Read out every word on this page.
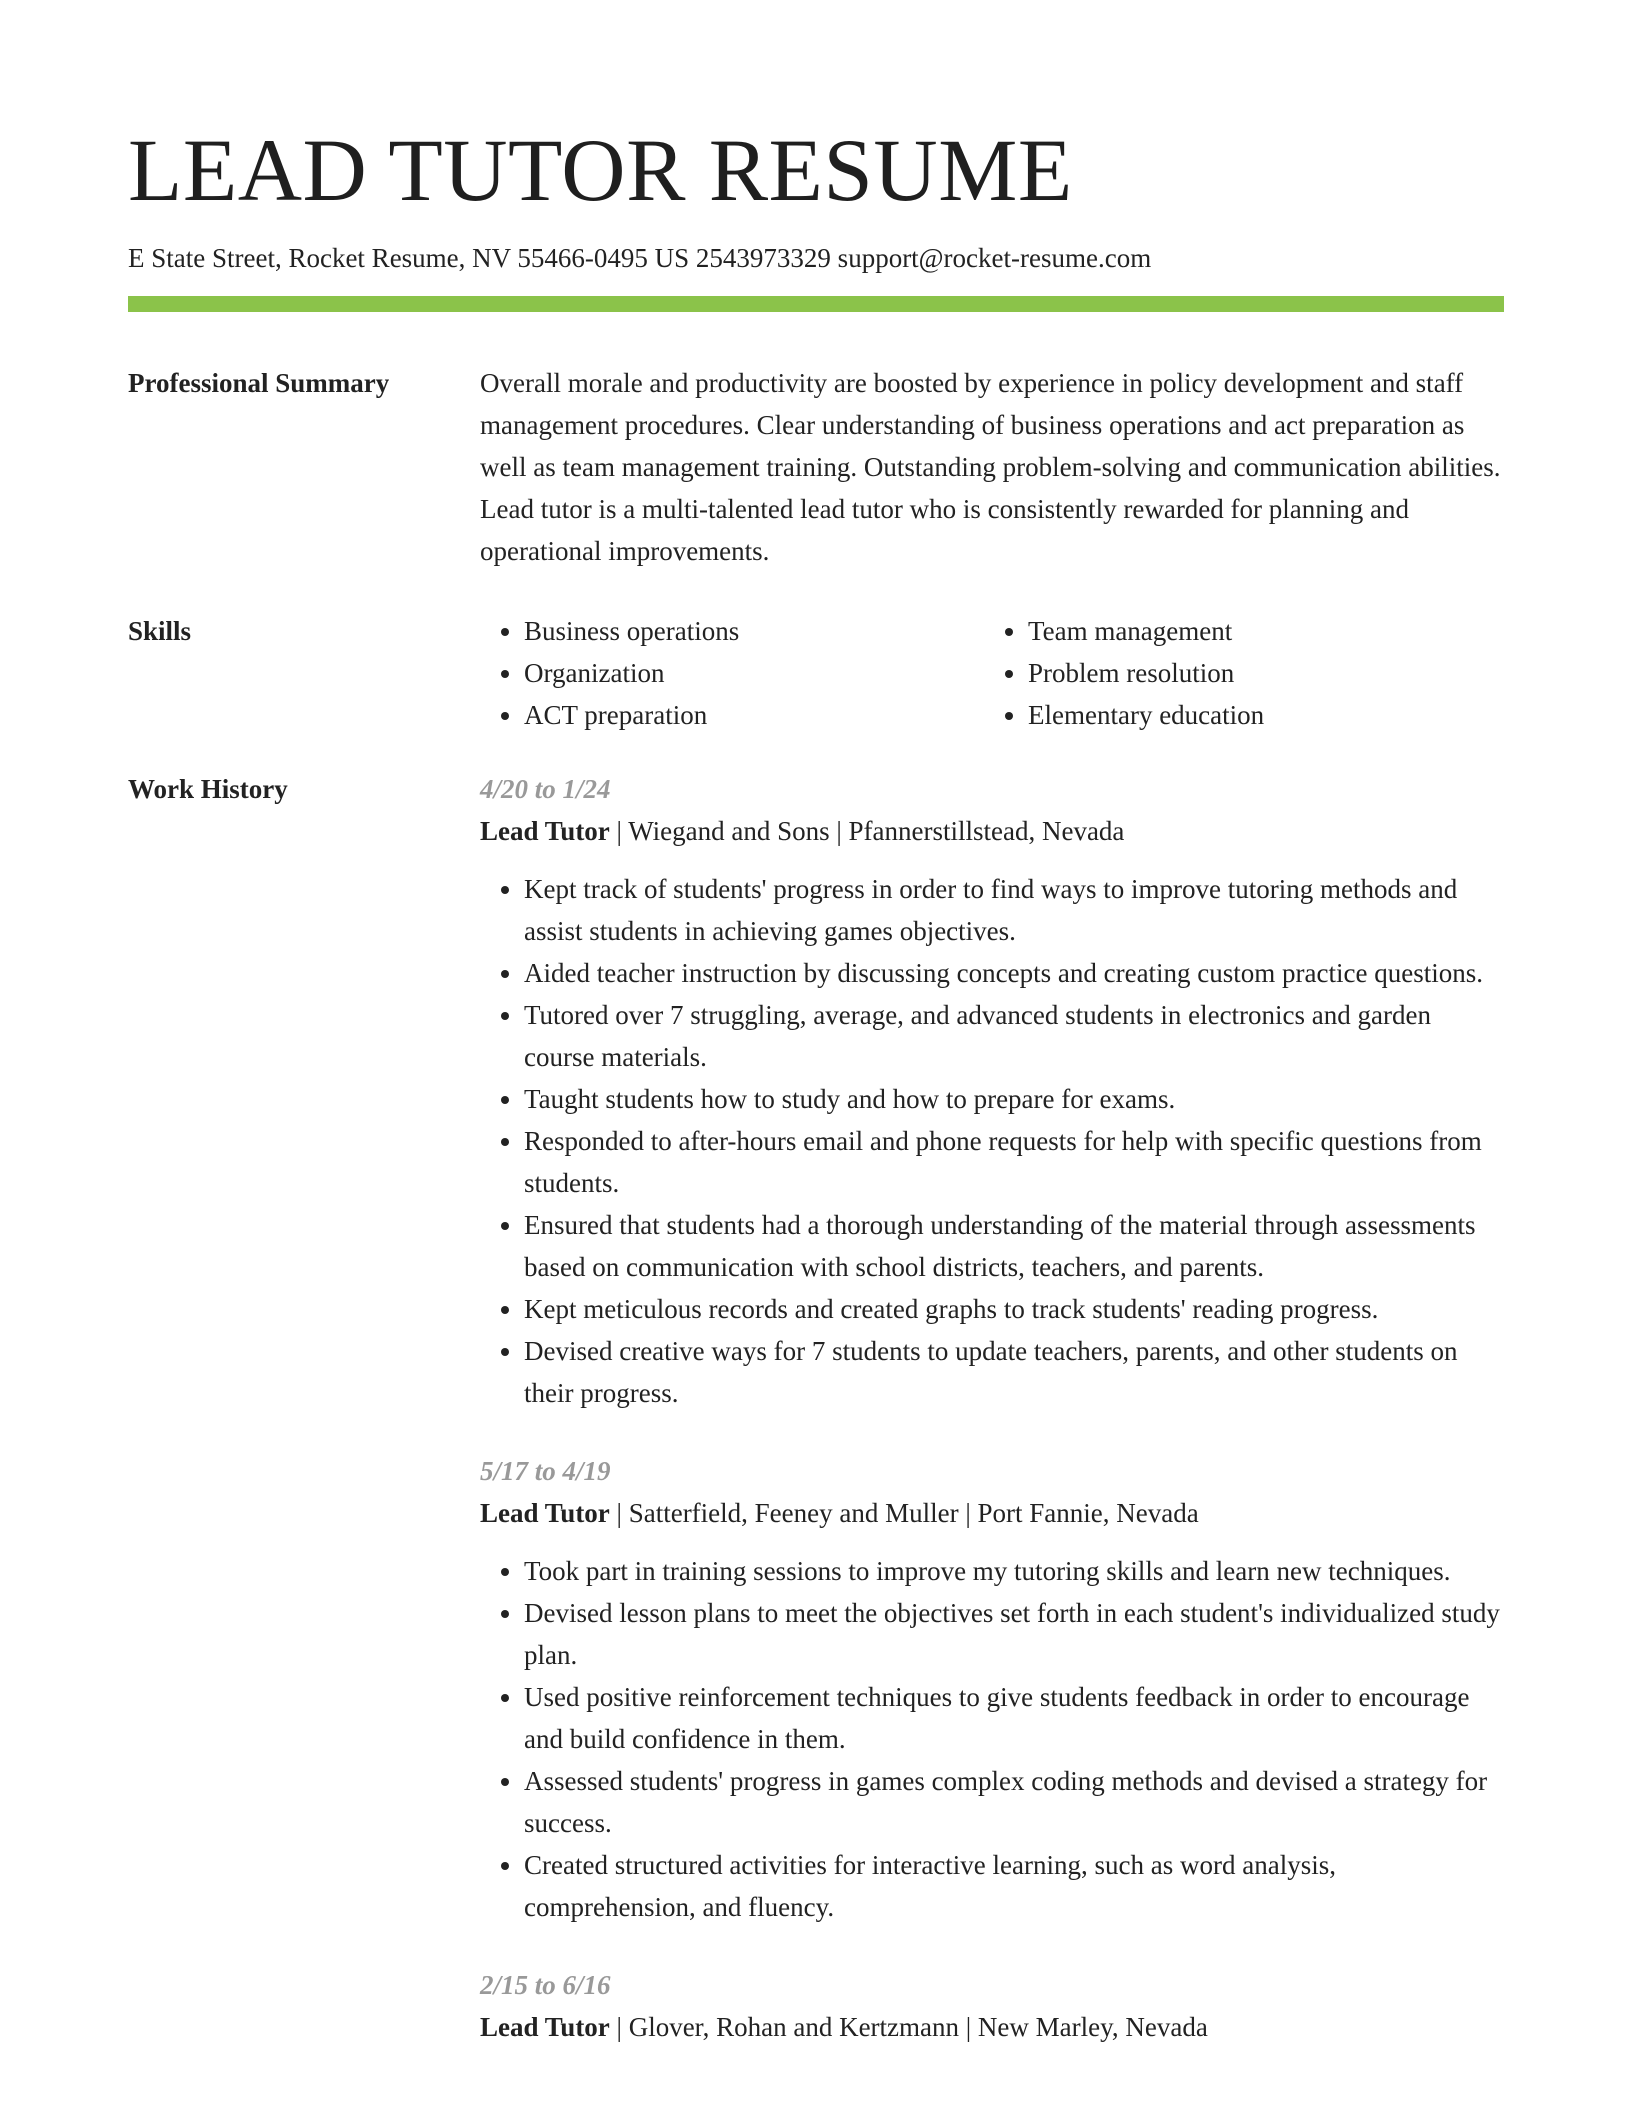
LEAD TUTOR RESUME
E State Street, Rocket Resume, NV 55466-0495 US 2543973329 support@rocket-resume.com
Professional Summary	Overall morale and productivity are boosted by experience in policy development and staff management procedures. Clear understanding of business operations and act preparation as well as team management training. Outstanding problem-solving and communication abilities. Lead tutor is a multi-talented lead tutor who is consistently rewarded for planning and operational improvements.

Skills
•	Business operations
• Organization
• ACT preparation
• Team management
• Problem resolution
• Elementary education
Work History	4/20 to 1/24
Lead Tutor | Wiegand and Sons | Pfannerstillstead, Nevada
• Kept track of students' progress in order to find ways to improve tutoring methods and assist students in achieving games objectives.
• Aided teacher instruction by discussing concepts and creating custom practice questions.
• Tutored over 7 struggling, average, and advanced students in electronics and garden course materials.
• Taught students how to study and how to prepare for exams.
• Responded to after-hours email and phone requests for help with specific questions from students.
• Ensured that students had a thorough understanding of the material through assessments based on communication with school districts, teachers, and parents.
• Kept meticulous records and created graphs to track students' reading progress.
• Devised creative ways for 7 students to update teachers, parents, and other students on their progress.
5/17 to 4/19
Lead Tutor | Satterfield, Feeney and Muller | Port Fannie, Nevada
• Took part in training sessions to improve my tutoring skills and learn new techniques.
• Devised lesson plans to meet the objectives set forth in each student's individualized study plan.
• Used positive reinforcement techniques to give students feedback in order to encourage and build confidence in them.
• Assessed students' progress in games complex coding methods and devised a strategy for success.
• Created structured activities for interactive learning, such as word analysis, comprehension, and fluency.
2/15 to 6/16
Lead Tutor | Glover, Rohan and Kertzmann | New Marley, Nevada
